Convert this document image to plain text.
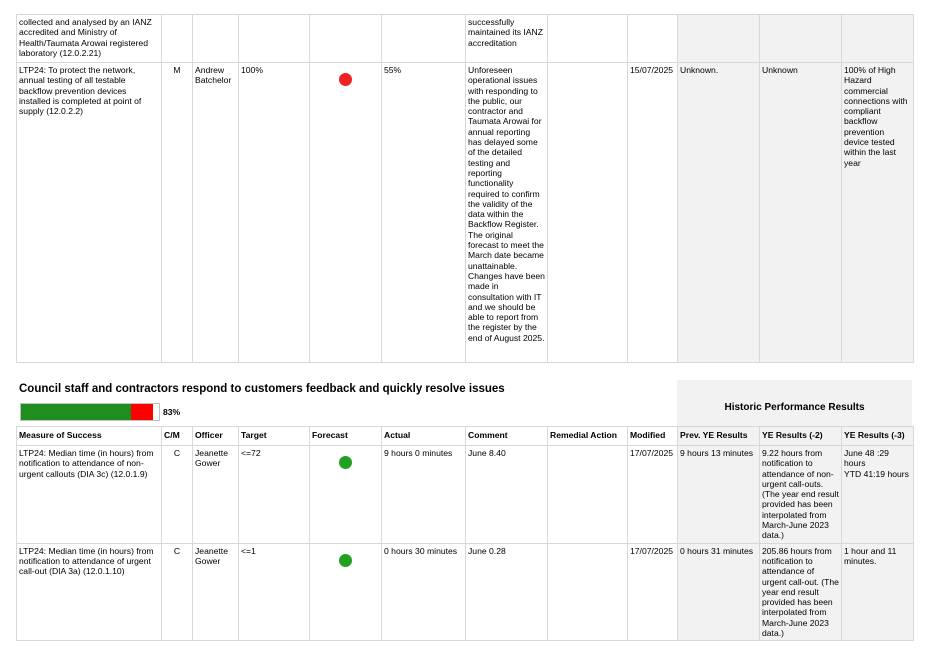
collected and analysed by an IANZ accredited and Ministry of Health/Taumata Arowai registered laboratory (12.0.2.21)						successfully maintained its IANZ accreditation					
LTP24: To protect the network, annual testing of all testable backflow prevention devices installed is completed at point of supply (12.0.2.2)	M	Andrew Batchelor	100%		55%	Unforeseen operational issues with responding to the public, our contractor and Taumata Arowai for annual reporting has delayed some of the detailed testing and reporting functionality required to confirm the validity of the data within the Backflow Register. The original forecast to meet the March date became unattainable. Changes have been made in consultation with IT and we should be able to report from the register by the end of August 2025.		15/07/2025	Unknown.	Unknown	100% of High Hazard commercial connections with compliant backflow prevention device tested within the last year
Council staff and contractors respond to customers feedback and quickly resolve issues
Historic Performance Results
83%
Measure of Success	C/M	Officer	Target	Forecast	Actual	Comment	Remedial Action	Modified	Prev. YE Results	YE Results (-2)	YE Results (-3)
LTP24: Median time (in hours) from notification to attendance of non-urgent callouts (DIA 3c) (12.0.1.9)	C	Jeanette Gower	<=72		9 hours 0 minutes	June 8.40		17/07/2025	9 hours 13 minutes	9.22 hours from notification to attendance of non-urgent call-outs. (The year end result provided has been interpolated from March-June 2023 data.)	June 48 :29 hours
YTD 41:19 hours

LTP24: Median time (in hours) from notification to attendance of urgent call-out (DIA 3a) (12.0.1.10)	C	Jeanette Gower	<=1		0 hours 30 minutes	June 0.28		17/07/2025	0 hours 31 minutes	205.86 hours from notification to attendance of urgent call-out. (The year end result provided has been interpolated from March-June 2023 data.)	1 hour and 11 minutes.
